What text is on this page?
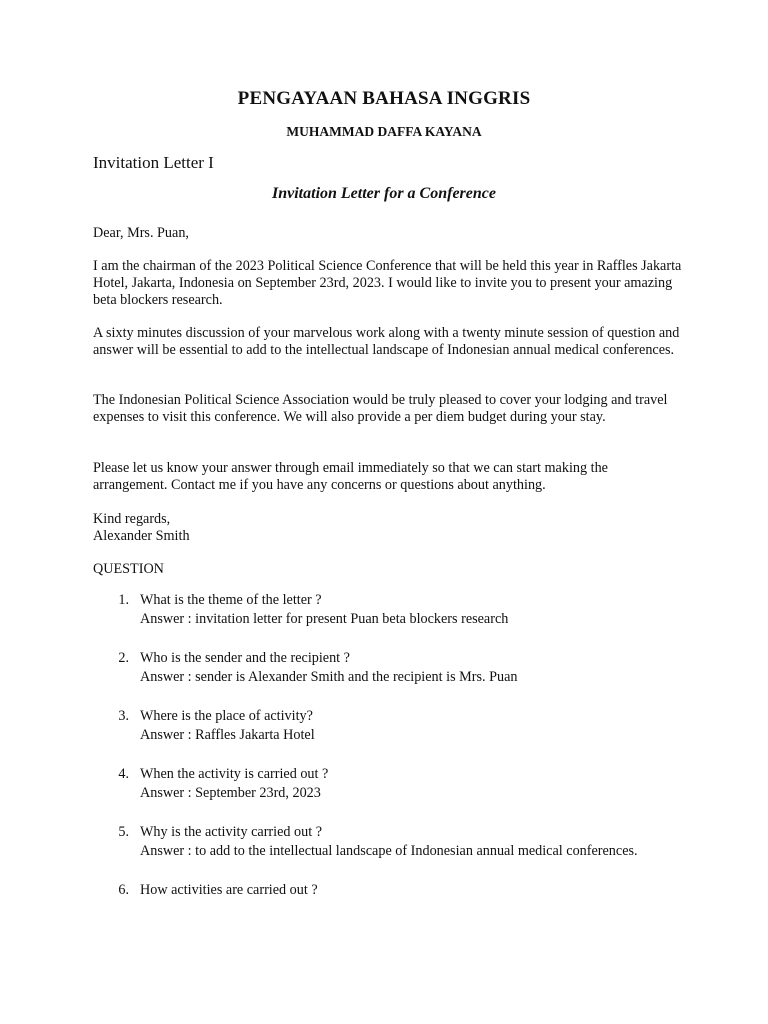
PENGAYAAN BAHASA INGGRIS
MUHAMMAD DAFFA KAYANA
Invitation Letter I
Invitation Letter for a Conference

Dear, Mrs. Puan,

I am the chairman of the 2023 Political Science Conference that will be held this year in Raffles Jakarta Hotel, Jakarta, Indonesia on September 23rd, 2023. I would like to invite you to present your amazing beta blockers research.

A sixty minutes discussion of your marvelous work along with a twenty minute session of question and answer will be essential to add to the intellectual landscape of Indonesian annual medical conferences.

The Indonesian Political Science Association would be truly pleased to cover your lodging and travel expenses to visit this conference. We will also provide a per diem budget during your stay.

Please let us know your answer through email immediately so that we can start making the arrangement. Contact me if you have any concerns or questions about anything.

Kind regards,

Alexander Smith

QUESTION

1. What is the theme of the letter ?
Answer : invitation letter for present Puan beta blockers research
2. Who is the sender and the recipient ?
Answer : sender is Alexander Smith and the recipient is Mrs. Puan
3. Where is the place of activity?
Answer : Raffles Jakarta Hotel
4. When the activity is carried out ?
Answer : September 23rd, 2023
5. Why is the activity carried out ?
Answer : to add to the intellectual landscape of Indonesian annual medical conferences.
6. How activities are carried out ?
